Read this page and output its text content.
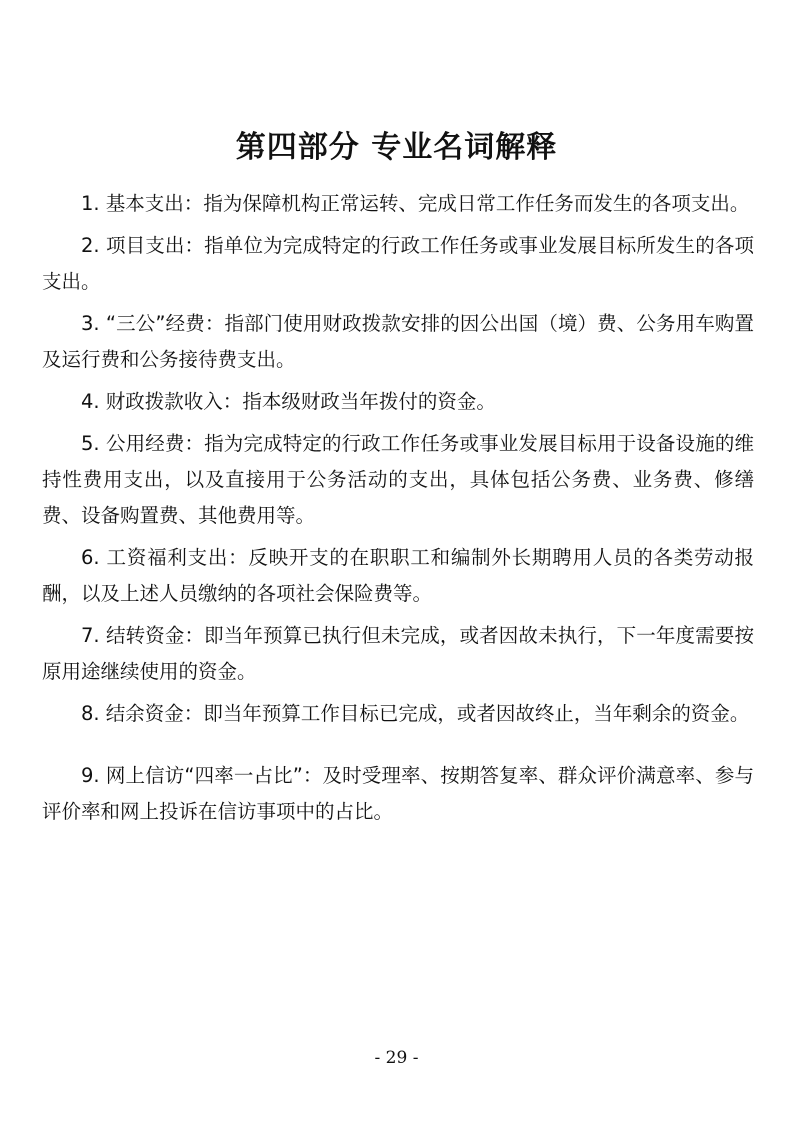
第四部分 专业名词解释

1. 基本支出：指为保障机构正常运转、完成日常工作任务而发生的各项支出。

2. 项目支出：指单位为完成特定的行政工作任务或事业发展目标所发生的各项支出。

3. “三公”经费：指部门使用财政拨款安排的因公出国（境）费、公务用车购置及运行费和公务接待费支出。

4. 财政拨款收入：指本级财政当年拨付的资金。

5. 公用经费：指为完成特定的行政工作任务或事业发展目标用于设备设施的维持性费用支出，以及直接用于公务活动的支出，具体包括公务费、业务费、修缮费、设备购置费、其他费用等。

6. 工资福利支出：反映开支的在职职工和编制外长期聘用人员的各类劳动报酬，以及上述人员缴纳的各项社会保险费等。

7. 结转资金：即当年预算已执行但未完成，或者因故未执行，下一年度需要按原用途继续使用的资金。

8. 结余资金：即当年预算工作目标已完成，或者因故终止，当年剩余的资金。

9. 网上信访“四率一占比”：及时受理率、按期答复率、群众评价满意率、参与评价率和网上投诉在信访事项中的占比。

- 29 -
